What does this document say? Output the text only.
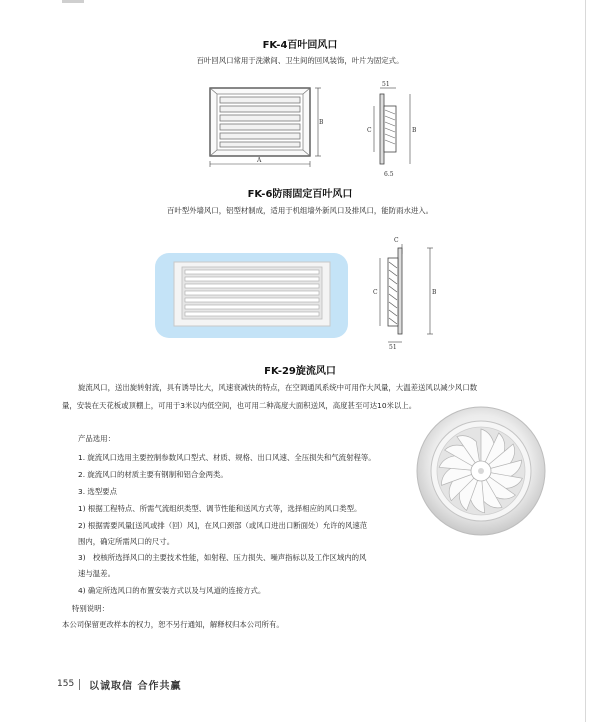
FK-4百叶回风口
百叶回风口常用于洗漱间、卫生间的回风装饰，叶片为固定式。
B
A
51
C	B
6.5
FK-6防雨固定百叶风口
百叶型外墙风口，铝型材制成，适用于机组墙外新风口及排风口，能防雨水进入。
C
C	B
51
FK-29旋流风口
旋流风口，送出旋转射流，具有诱导比大，风速衰减快的特点，在空调通风系统中可用作大风量，大温差送风以减少风口数
量，安装在天花板或顶棚上，可用于3米以内低空间，也可用二种高度大面积送风，高度甚至可达10米以上。
产品选用：
1. 旋流风口选用主要控制参数风口型式、材质、规格、出口风速、全压损失和气流射程等。
2. 旋流风口的材质主要有钢制和铝合金两类。
3. 选型要点
1) 根据工程特点、所需气流组织类型、调节性能和送风方式等，选择相应的风口类型。
2) 根据需要风量[送风或排（回）风]，在风口颈部（或风口进出口断面处）允许的风速范
围内，确定所需风口的尺寸。
3)　校核所选择风口的主要技术性能，如射程、压力损失、噪声指标以及工作区域内的风
速与温差。
4) 确定所选风口的布置安装方式以及与风道的连接方式。
特别说明：
本公司保留更改样本的权力，恕不另行通知，解释权归本公司所有。
155 以诚取信 合作共赢
